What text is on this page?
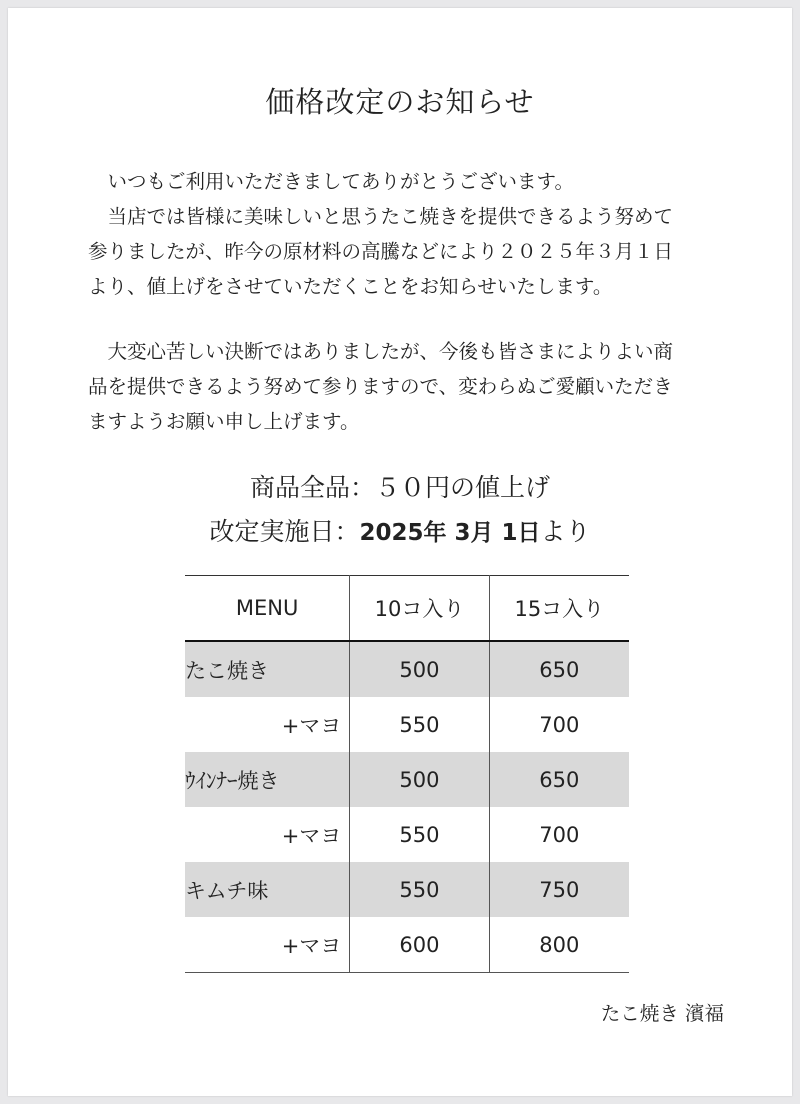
価格改定のお知らせ
　いつもご利用いただきましてありがとうございます。
　当店では皆様に美味しいと思うたこ焼きを提供できるよう努めて
参りましたが、昨今の原材料の高騰などにより２０２５年３月１日
より、値上げをさせていただくことをお知らせいたします。
　大変心苦しい決断ではありましたが、今後も皆さまによりよい商
品を提供できるよう努めて参りますので、変わらぬご愛顧いただき
ますようお願い申し上げます。
商品全品：５０円の値上げ
改定実施日：2025年 3月 1日より
MENU	10コ入り	15コ入り
たこ焼き	500	650
+マヨ	550	700
ｳｲﾝﾅｰ焼き	500	650
+マヨ	550	700
キムチ味	550	750
+マヨ	600	800
たこ焼き 濱福
